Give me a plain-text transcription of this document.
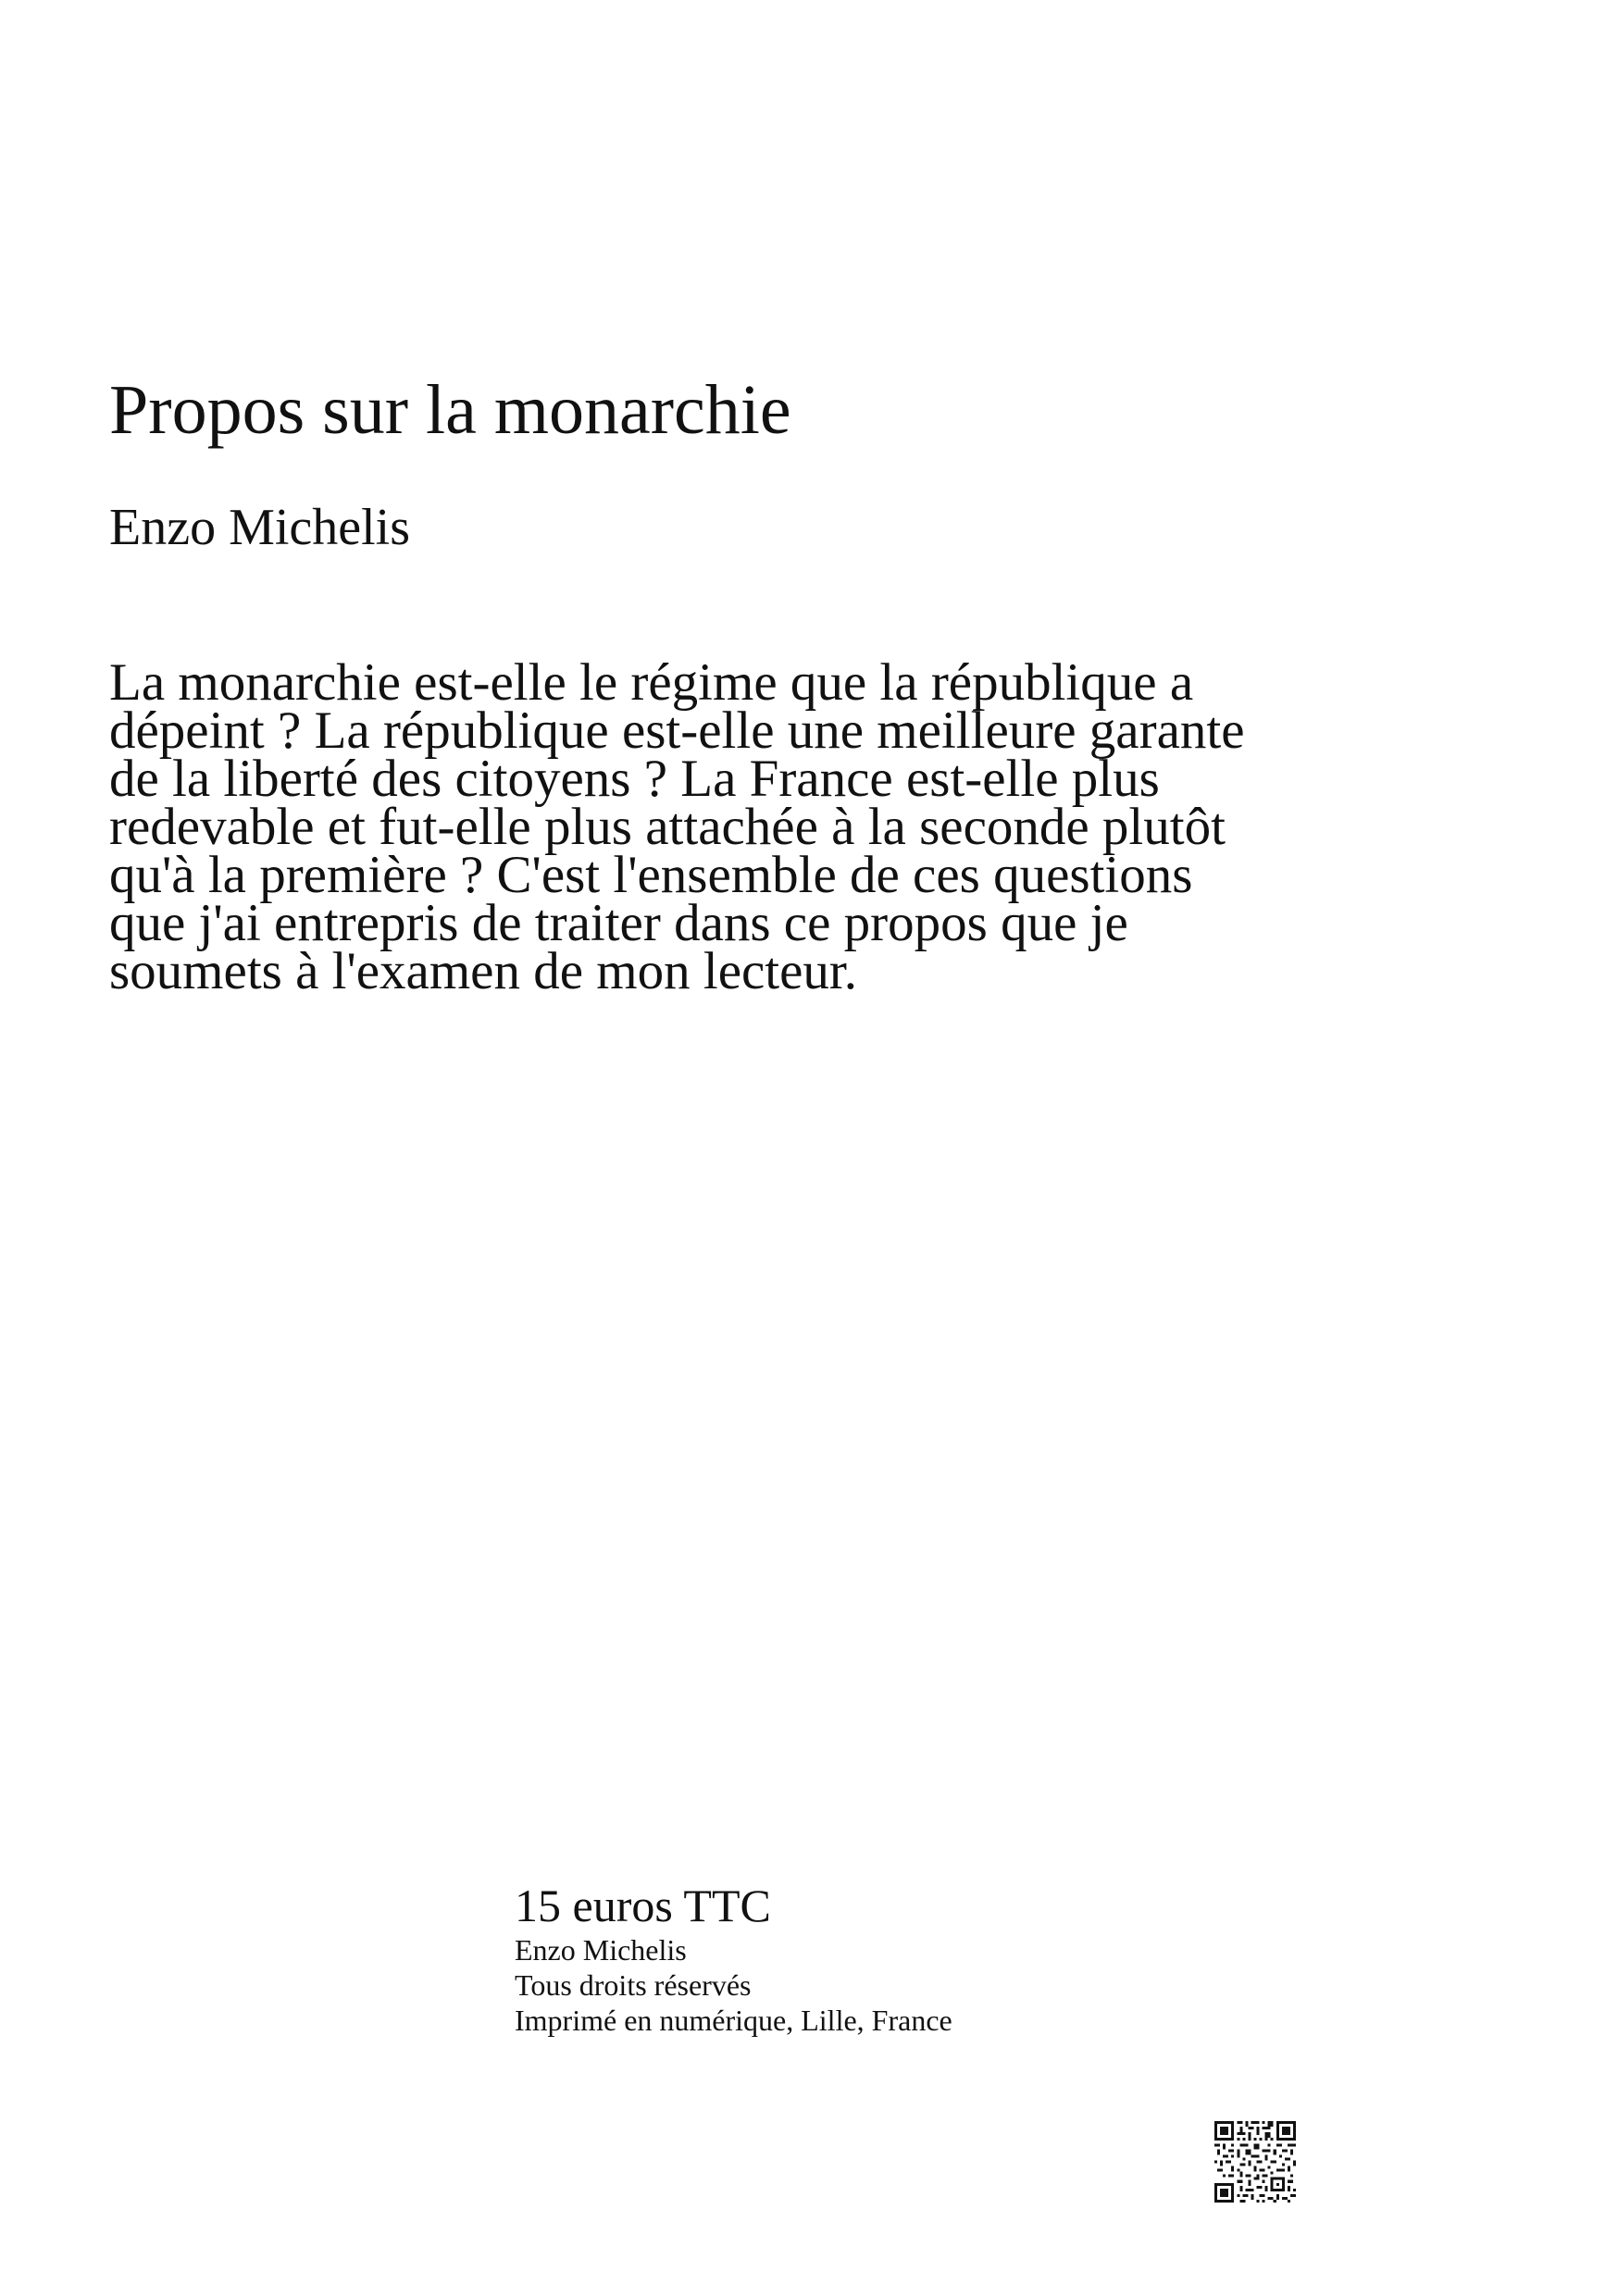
Propos sur la monarchie
Enzo Michelis

La monarchie est-elle le régime que la république a dépeint ? La république est-elle une meilleure garante de la liberté des citoyens ? La France est-elle plus redevable et fut-elle plus attachée à la seconde plutôt qu'à la première ? C'est l'ensemble de ces questions que j'ai entrepris de traiter dans ce propos que je soumets à l'examen de mon lecteur.

15 euros TTC
Enzo Michelis
Tous droits réservés
Imprimé en numérique, Lille, France
